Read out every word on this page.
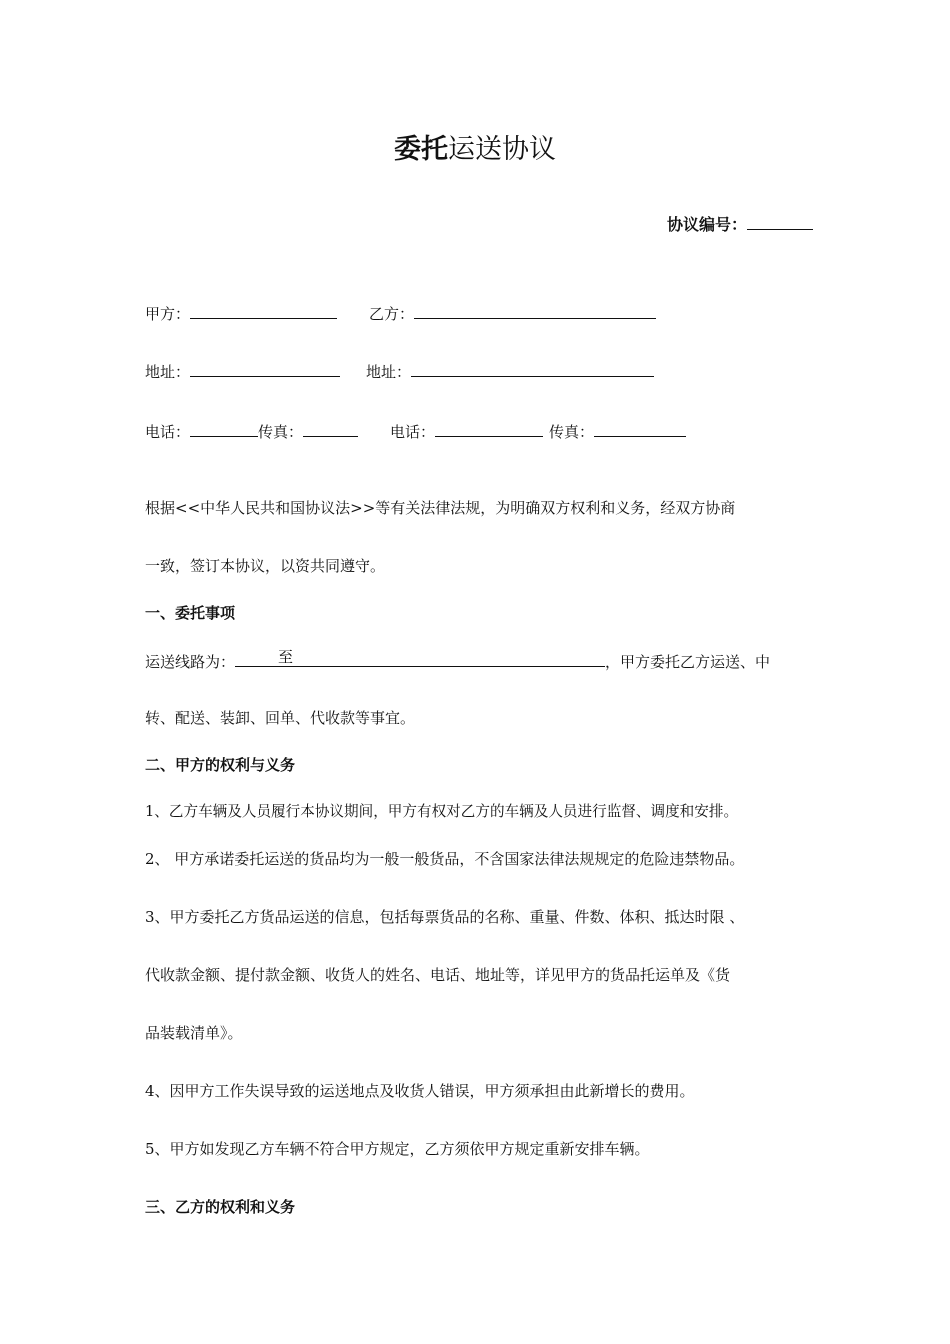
委托运送协议
协议编号：
甲方：	乙方：
地址：	地址：
电话：	传真：	电话：	传真：
根据<<中华人民共和国协议法>>等有关法律法规，为明确双方权利和义务，经双方协商
一致，签订本协议，以资共同遵守。
一、委托事项
运送线路为：	至	，甲方委托乙方运送、中
转、配送、装卸、回单、代收款等事宜。
二、甲方的权利与义务
1、乙方车辆及人员履行本协议期间，甲方有权对乙方的车辆及人员进行监督、调度和安排。
2、 甲方承诺委托运送的货品均为一般一般货品，不含国家法律法规规定的危险违禁物品。
3、甲方委托乙方货品运送的信息，包括每票货品的名称、重量、件数、体积、抵达时限 、
代收款金额、提付款金额、收货人的姓名、电话、地址等，详见甲方的货品托运单及《货
品装载清单》。
4、因甲方工作失误导致的运送地点及收货人错误，甲方须承担由此新增长的费用。
5、甲方如发现乙方车辆不符合甲方规定，乙方须依甲方规定重新安排车辆。
三、乙方的权利和义务
